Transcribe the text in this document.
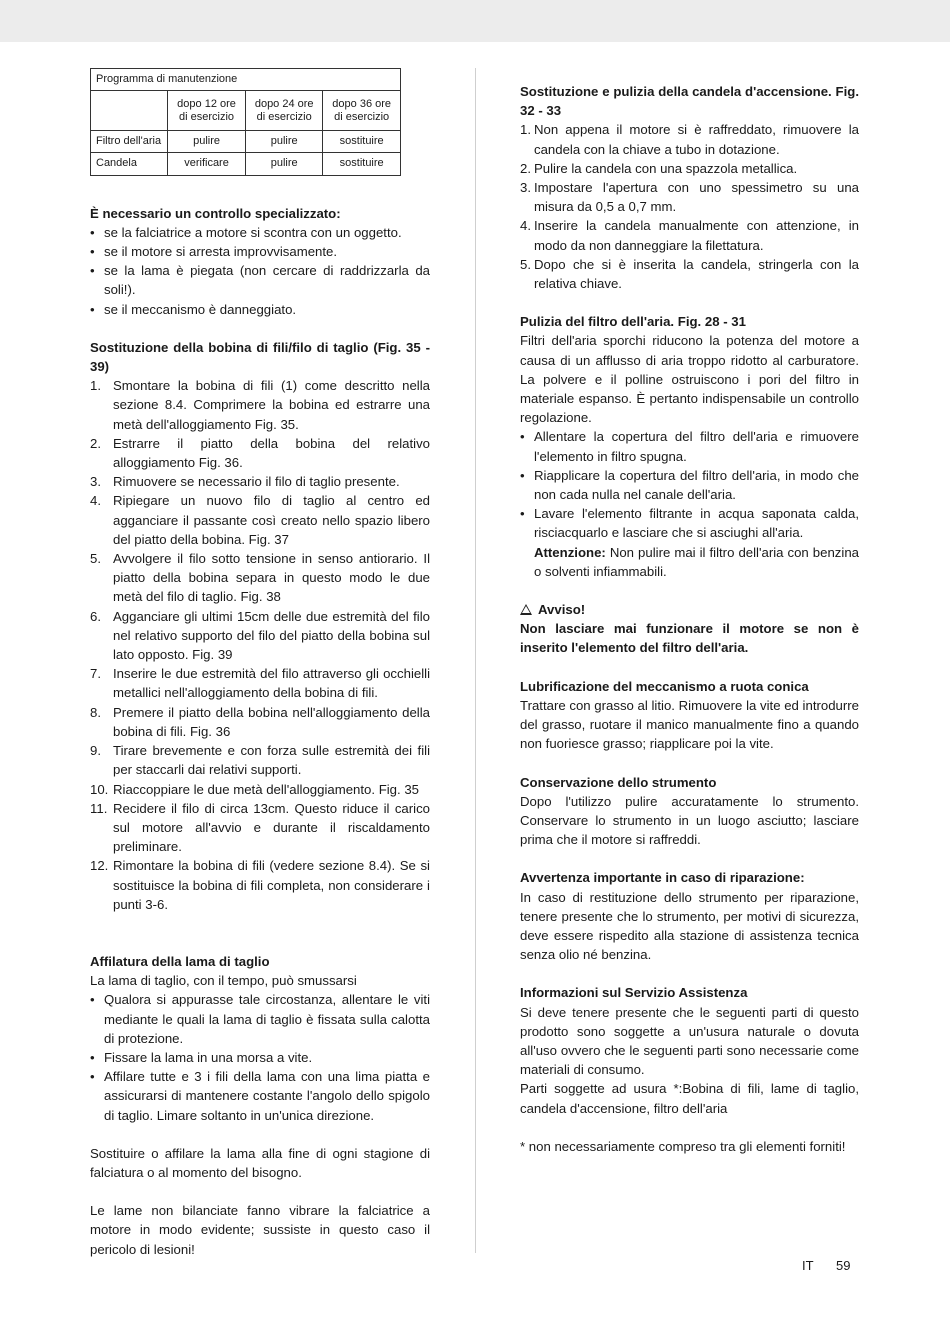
Programma di manutenzione			
	dopo 12 ore di esercizio	dopo 24 ore di esercizio	dopo 36 ore di esercizio
Filtro dell'aria	pulire	pulire	sostituire
Candela	verificare	pulire	sostituire

È necessario un controllo specializzato:

• se la falciatrice a motore si scontra con un oggetto.
• se il motore si arresta improvvisamente.
• se la lama è piegata (non cercare di raddrizzarla da soli!).
• se il meccanismo è danneggiato.

Sostituzione della bobina di fili/filo di taglio (Fig. 35 - 39)

1. Smontare la bobina di fili (1) come descritto nella sezione 8.4. Comprimere la bobina ed estrarre una metà dell'alloggiamento Fig. 35.
2. Estrarre il piatto della bobina del relativo alloggiamento Fig. 36.
3. Rimuovere se necessario il filo di taglio presente.
4. Ripiegare un nuovo filo di taglio al centro ed agganciare il passante così creato nello spazio libero del piatto della bobina. Fig. 37
5. Avvolgere il filo sotto tensione in senso antiorario. Il piatto della bobina separa in questo modo le due metà del filo di taglio. Fig. 38
6. Agganciare gli ultimi 15cm delle due estremità del filo nel relativo supporto del filo del piatto della bobina sul lato opposto. Fig. 39
7. Inserire le due estremità del filo attraverso gli occhielli metallici nell'alloggiamento della bobina di fili.
8. Premere il piatto della bobina nell'alloggiamento della bobina di fili. Fig. 36
9. Tirare brevemente e con forza sulle estremità dei fili per staccarli dai relativi supporti.
10. Riaccoppiare le due metà dell'alloggiamento. Fig. 35
11. Recidere il filo di circa 13cm. Questo riduce il carico sul motore all'avvio e durante il riscaldamento preliminare.
12. Rimontare la bobina di fili (vedere sezione 8.4). Se si sostituisce la bobina di fili completa, non considerare i punti 3-6.

Affilatura della lama di taglio

La lama di taglio, con il tempo, può smussarsi

• Qualora si appurasse tale circostanza, allentare le viti mediante le quali la lama di taglio è fissata sulla calotta di protezione.
• Fissare la lama in una morsa a vite.
• Affilare tutte e 3 i fili della lama con una lima piatta e assicurarsi di mantenere costante l'angolo dello spigolo di taglio. Limare soltanto in un'unica direzione.

Sostituire o affilare la lama alla fine di ogni stagione di falciatura o al momento del bisogno.

Le lame non bilanciate fanno vibrare la falciatrice a motore in modo evidente; sussiste in questo caso il pericolo di lesioni!

Sostituzione e pulizia della candela d'accensione. Fig. 32 - 33

1. Non appena il motore si è raffreddato, rimuovere la candela con la chiave a tubo in dotazione.
2. Pulire la candela con una spazzola metallica.
3. Impostare l'apertura con uno spessimetro su una misura da 0,5 a 0,7 mm.
4. Inserire la candela manualmente con attenzione, in modo da non danneggiare la filettatura.
5. Dopo che si è inserita la candela, stringerla con la relativa chiave.

Pulizia del filtro dell'aria. Fig. 28 - 31

Filtri dell'aria sporchi riducono la potenza del motore a causa di un afflusso di aria troppo ridotto al carburatore. La polvere e il polline ostruiscono i pori del filtro in materiale espanso. È pertanto indispensabile un controllo regolazione.

• Allentare la copertura del filtro dell'aria e rimuovere l'elemento in filtro spugna.
• Riapplicare la copertura del filtro dell'aria, in modo che non cada nulla nel canale dell'aria.
• Lavare l'elemento filtrante in acqua saponata calda, risciacquarlo e lasciare che si asciughi all'aria.

Attenzione: Non pulire mai il filtro dell'aria con benzina o solventi infiammabili.

Avviso!

Non lasciare mai funzionare il motore se non è inserito l'elemento del filtro dell'aria.

Lubrificazione del meccanismo a ruota conica

Trattare con grasso al litio. Rimuovere la vite ed introdurre del grasso, ruotare il manico manualmente fino a quando non fuoriesce grasso; riapplicare poi la vite.

Conservazione dello strumento

Dopo l'utilizzo pulire accuratamente lo strumento. Conservare lo strumento in un luogo asciutto; lasciare prima che il motore si raffreddi.

Avvertenza importante in caso di riparazione:

In caso di restituzione dello strumento per riparazione, tenere presente che lo strumento, per motivi di sicurezza, deve essere rispedito alla stazione di assistenza tecnica senza olio né benzina.

Informazioni sul Servizio Assistenza

Si deve tenere presente che le seguenti parti di questo prodotto sono soggette a un'usura naturale o dovuta all'uso ovvero che le seguenti parti sono necessarie come materiali di consumo.

Parti soggette ad usura *:Bobina di fili, lame di taglio, candela d'accensione, filtro dell'aria

* non necessariamente compreso tra gli elementi forniti!

IT 59
